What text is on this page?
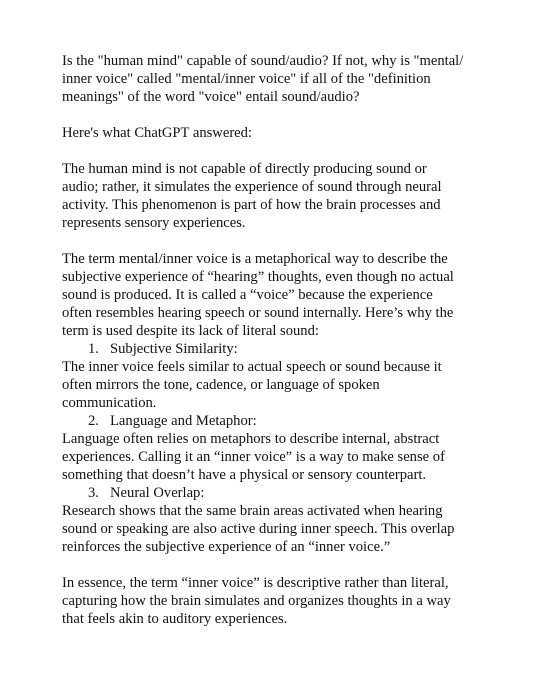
Is the "human mind" capable of sound/audio? If not, why is "mental/
inner voice" called "mental/inner voice" if all of the "definition
meanings" of the word "voice" entail sound/audio?

Here's what ChatGPT answered:

The human mind is not capable of directly producing sound or
audio; rather, it simulates the experience of sound through neural
activity. This phenomenon is part of how the brain processes and
represents sensory experiences.

The term mental/inner voice is a metaphorical way to describe the
subjective experience of “hearing” thoughts, even though no actual
sound is produced. It is called a “voice” because the experience
often resembles hearing speech or sound internally. Here’s why the
term is used despite its lack of literal sound:

1. Subjective Similarity:

The inner voice feels similar to actual speech or sound because it
often mirrors the tone, cadence, or language of spoken
communication.

2. Language and Metaphor:

Language often relies on metaphors to describe internal, abstract
experiences. Calling it an “inner voice” is a way to make sense of
something that doesn’t have a physical or sensory counterpart.

3. Neural Overlap:

Research shows that the same brain areas activated when hearing
sound or speaking are also active during inner speech. This overlap
reinforces the subjective experience of an “inner voice.”

In essence, the term “inner voice” is descriptive rather than literal,
capturing how the brain simulates and organizes thoughts in a way
that feels akin to auditory experiences.
